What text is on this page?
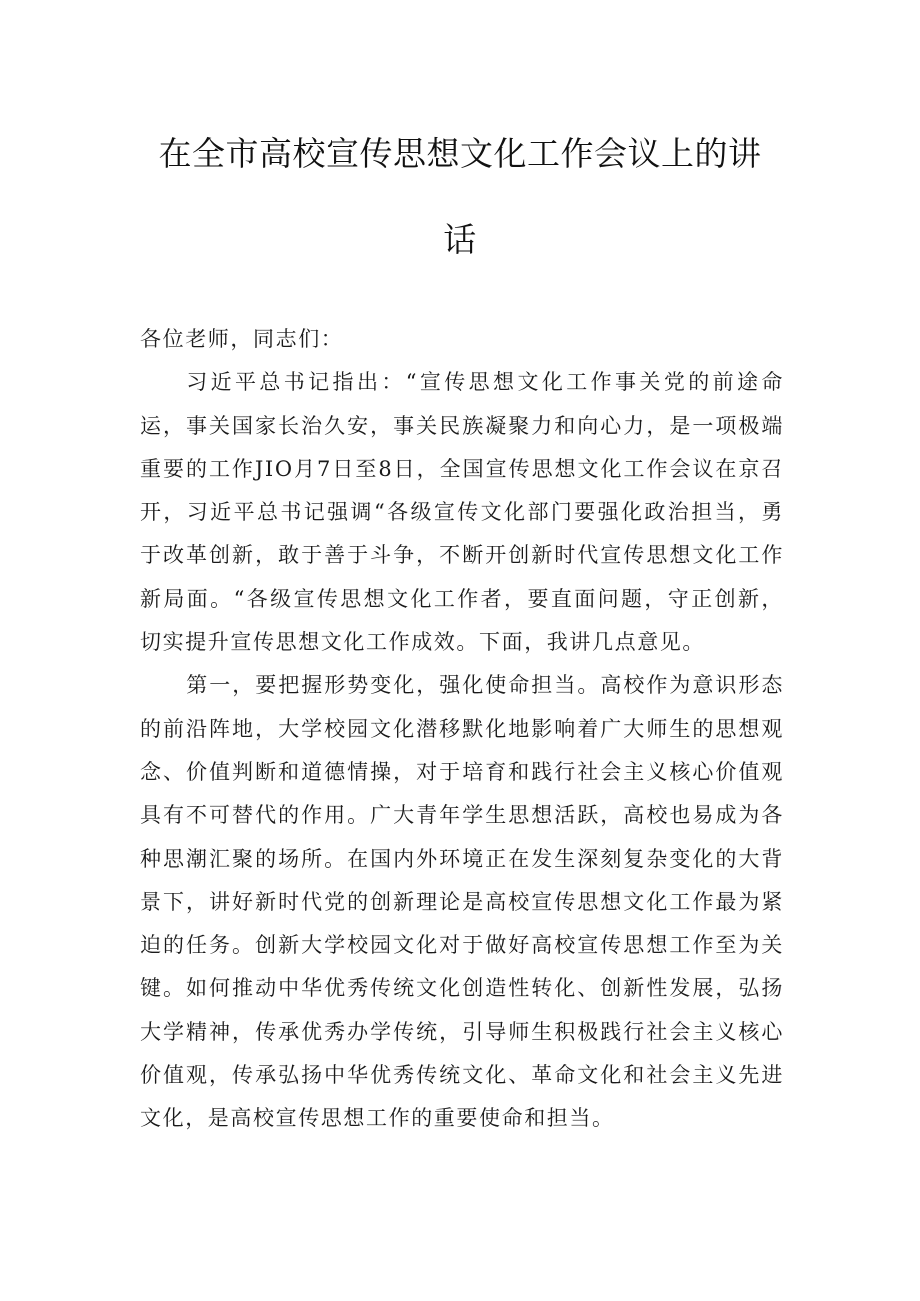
在全市高校宣传思想文化工作会议上的讲
话

各位老师，同志们：

习近平总书记指出：“宣传思想文化工作事关党的前途命运，事关国家长治久安，事关民族凝聚力和向心力，是一项极端重要的工作JIO月7日至8日，全国宣传思想文化工作会议在京召开，习近平总书记强调“各级宣传文化部门要强化政治担当，勇于改革创新，敢于善于斗争，不断开创新时代宣传思想文化工作新局面。“各级宣传思想文化工作者，要直面问题，守正创新，切实提升宣传思想文化工作成效。下面，我讲几点意见。

第一，要把握形势变化，强化使命担当。高校作为意识形态的前沿阵地，大学校园文化潜移默化地影响着广大师生的思想观念、价值判断和道德情操，对于培育和践行社会主义核心价值观具有不可替代的作用。广大青年学生思想活跃，高校也易成为各种思潮汇聚的场所。在国内外环境正在发生深刻复杂变化的大背景下，讲好新时代党的创新理论是高校宣传思想文化工作最为紧迫的任务。创新大学校园文化对于做好高校宣传思想工作至为关键。如何推动中华优秀传统文化创造性转化、创新性发展，弘扬大学精神，传承优秀办学传统，引导师生积极践行社会主义核心价值观，传承弘扬中华优秀传统文化、革命文化和社会主义先进文化，是高校宣传思想工作的重要使命和担当。
